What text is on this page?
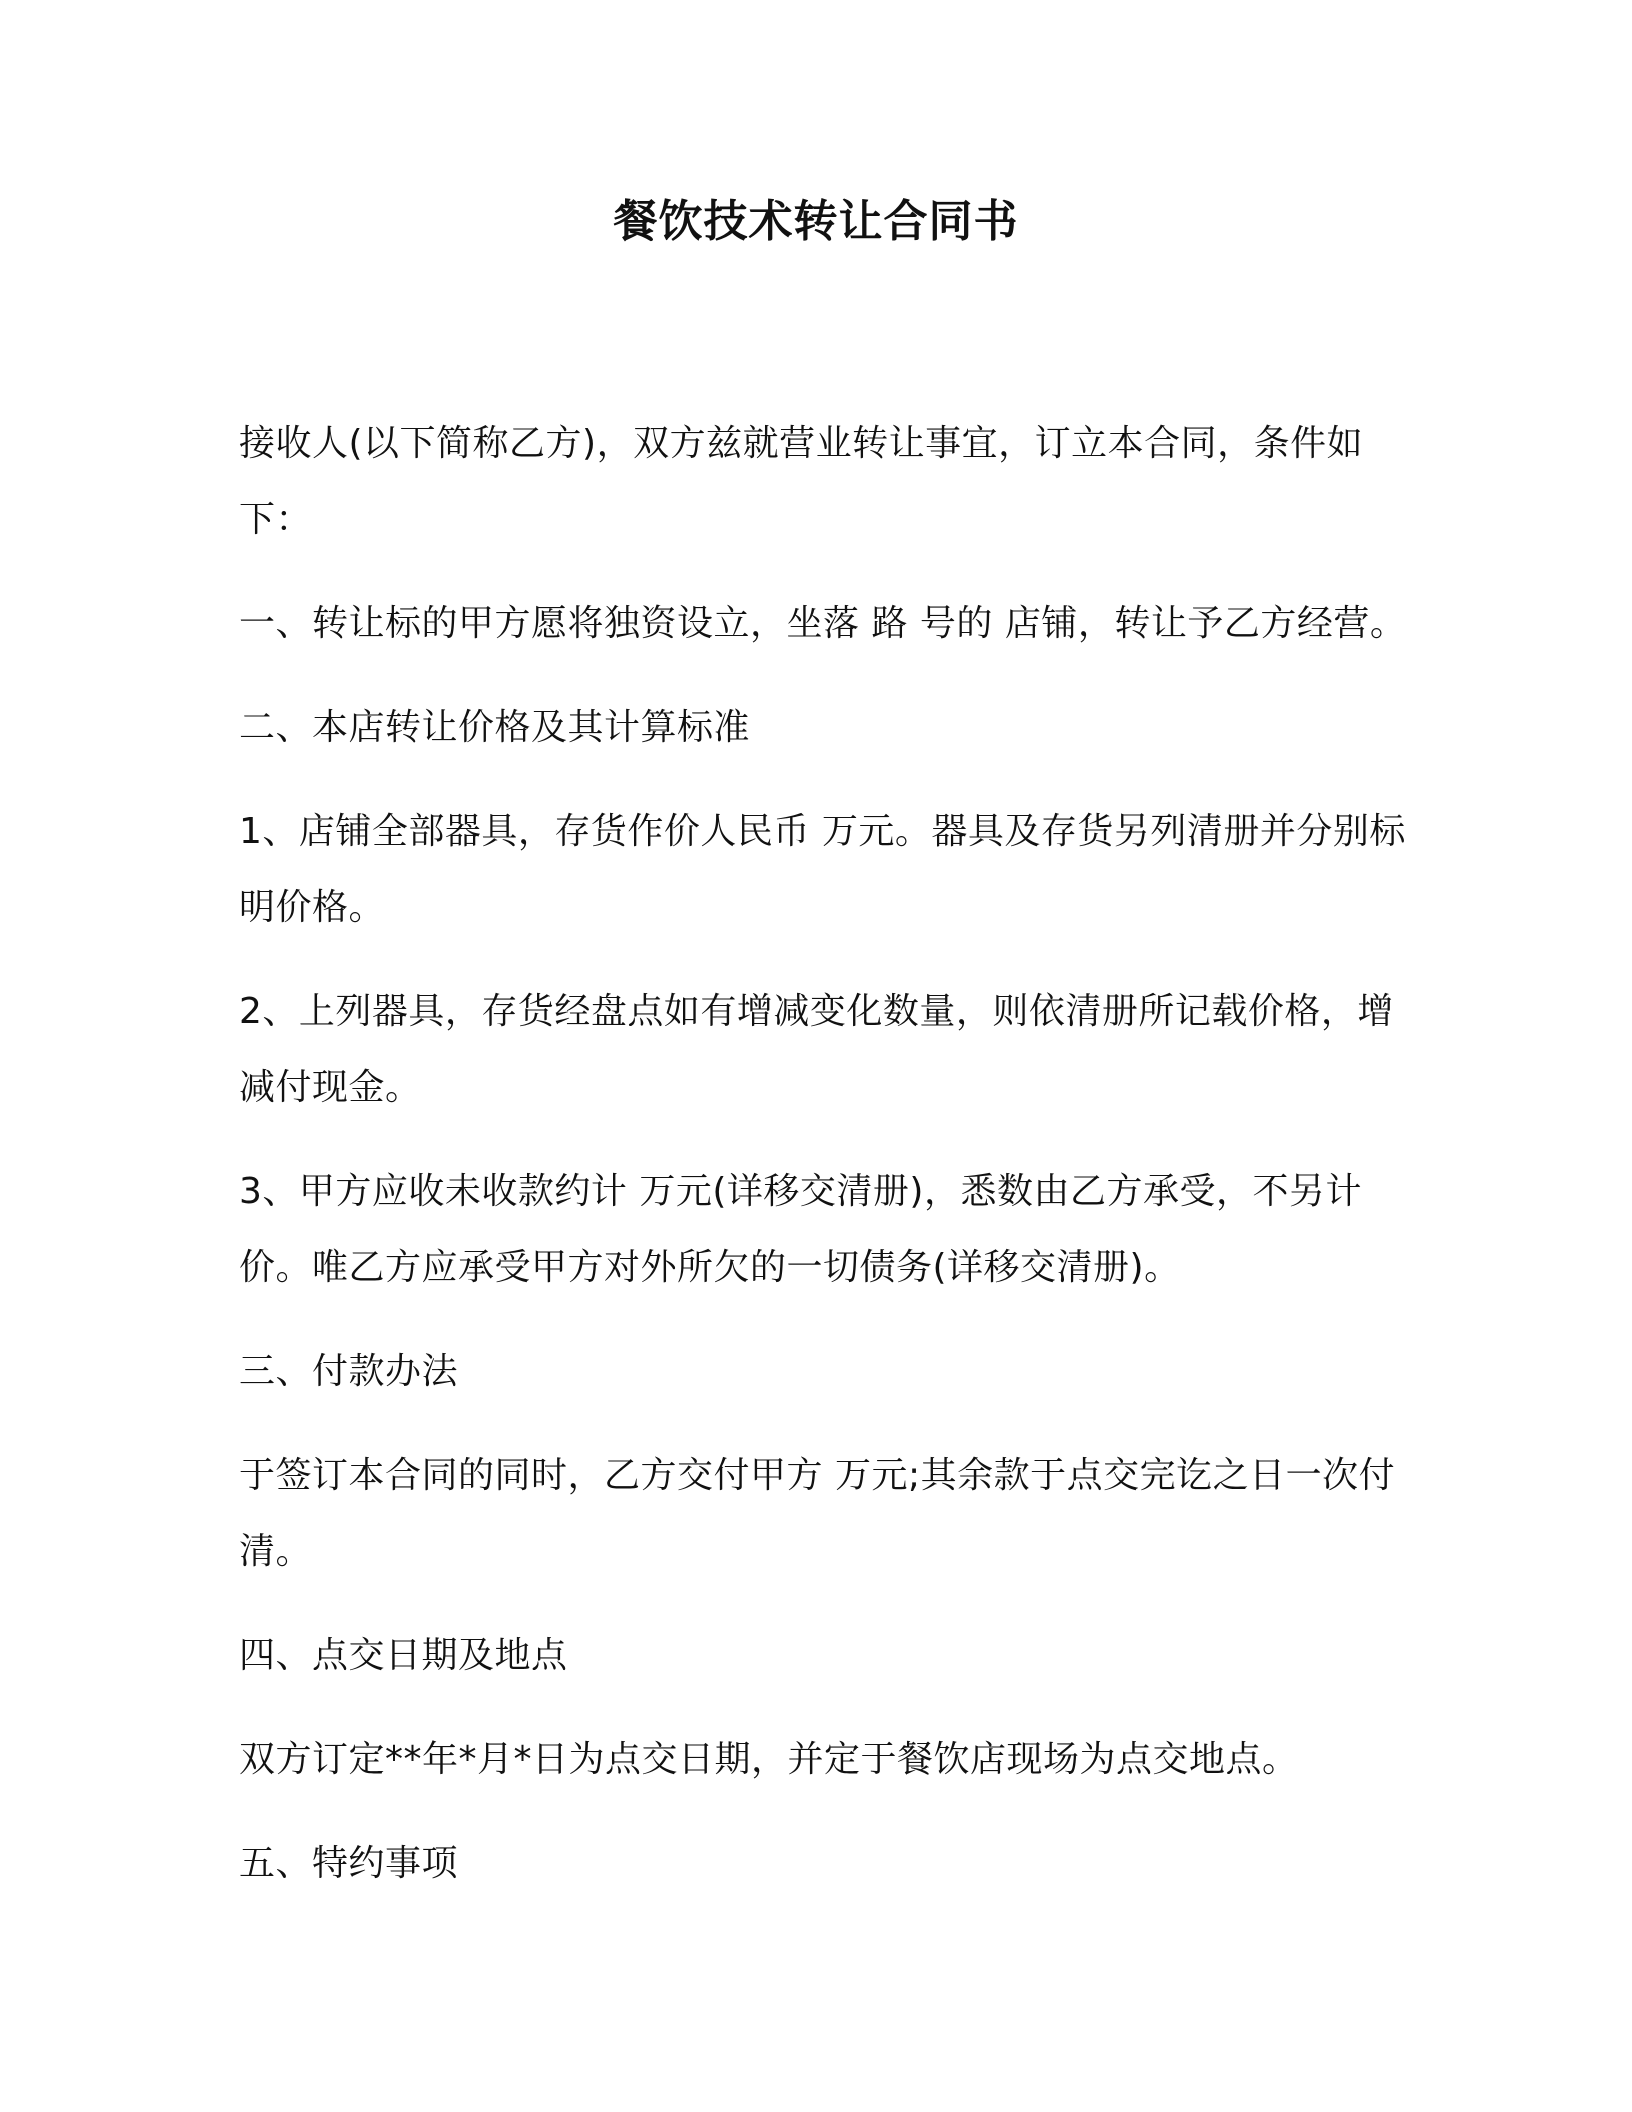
餐饮技术转让合同书

接收人(以下简称乙方)，双方兹就营业转让事宜，订立本合同，条件如下：

一、转让标的甲方愿将独资设立，坐落 路 号的 店铺，转让予乙方经营。

二、本店转让价格及其计算标准

1、店铺全部器具，存货作价人民币 万元。器具及存货另列清册并分别标明价格。

2、上列器具，存货经盘点如有增减变化数量，则依清册所记载价格，增减付现金。

3、甲方应收未收款约计 万元(详移交清册)，悉数由乙方承受，不另计价。唯乙方应承受甲方对外所欠的一切债务(详移交清册)。

三、付款办法

于签订本合同的同时，乙方交付甲方 万元;其余款于点交完讫之日一次付清。

四、点交日期及地点

双方订定**年*月*日为点交日期，并定于餐饮店现场为点交地点。

五、特约事项
